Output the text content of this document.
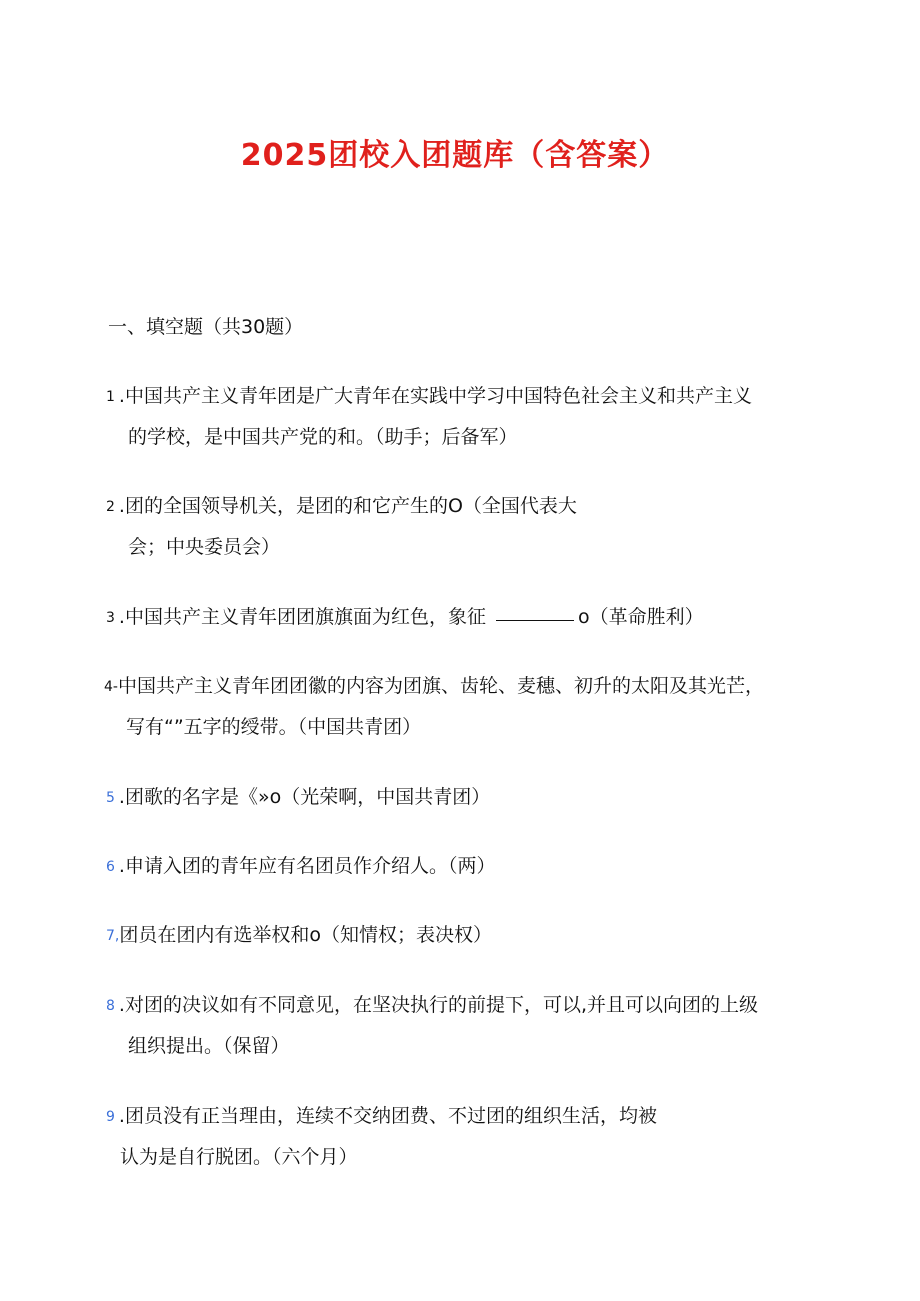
2025团校入团题库（含答案）
一、填空题（共30题）
1 .中国共产主义青年团是广大青年在实践中学习中国特色社会主义和共产主义
的学校，是中国共产党的和。（助手；后备军）
2 .团的全国领导机关，是团的和它产生的O（全国代表大
会；中央委员会）
3 .中国共产主义青年团团旗旗面为红色，象征	o（革命胜利）
4-中国共产主义青年团团徽的内容为团旗、齿轮、麦穗、初升的太阳及其光芒，
写有“”五字的绶带。（中国共青团）
5 .团歌的名字是《»o（光荣啊，中国共青团）
6 .申请入团的青年应有名团员作介绍人。（两）
7,团员在团内有选举权和o（知情权；表决权）
8 .对团的决议如有不同意见，在坚决执行的前提下，可以,并且可以向团的上级
组织提出。（保留）
9 .团员没有正当理由，连续不交纳团费、不过团的组织生活，均被
认为是自行脱团。（六个月）
